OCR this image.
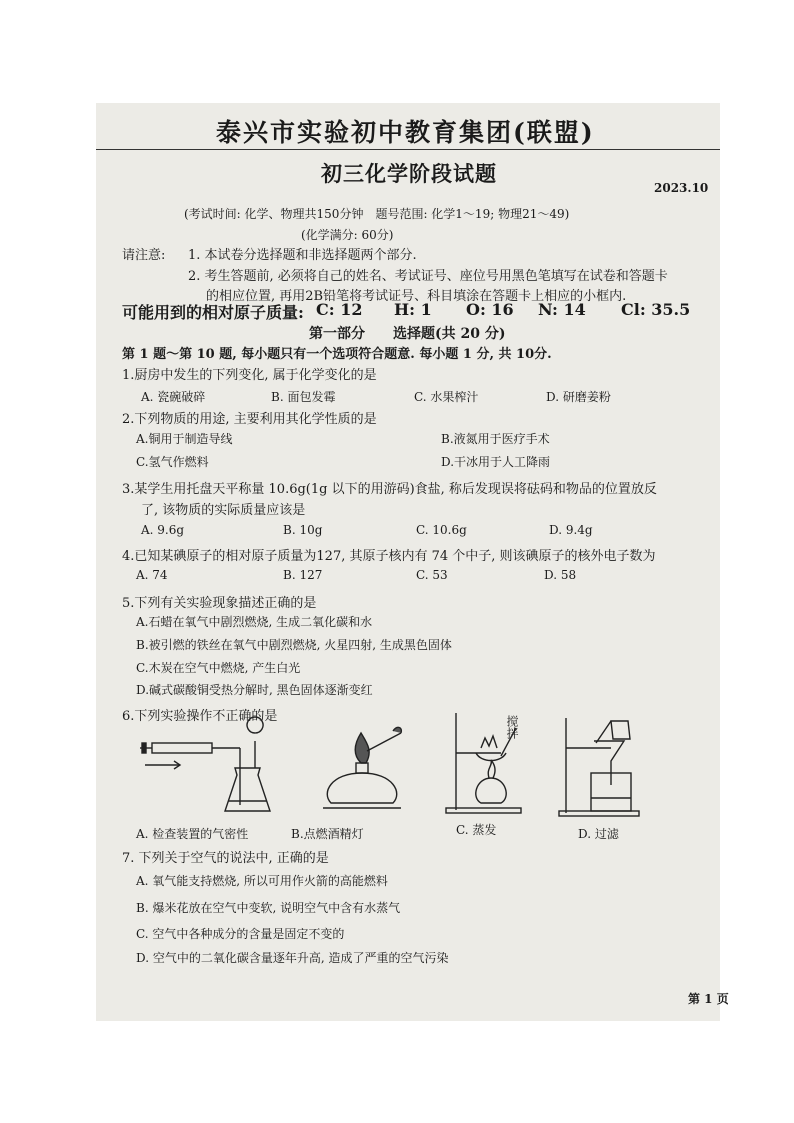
泰兴市实验初中教育集团(联盟)
初三化学阶段试题
2023.10
(考试时间: 化学、物理共150分钟　题号范围: 化学1～19; 物理21～49)
(化学满分: 60分)
请注意: 1. 本试卷分选择题和非选择题两个部分.
2. 考生答题前, 必须将自己的姓名、考试证号、座位号用黑色笔填写在试卷和答题卡
的相应位置, 再用2B铅笔将考试证号、科目填涂在答题卡上相应的小框内.
可能用到的相对原子质量: C: 12 H: 1 O: 16 N: 14 Cl: 35.5
第一部分　　选择题(共 20 分)
第 1 题～第 10 题, 每小题只有一个选项符合题意. 每小题 1 分, 共 10分.
1.厨房中发生的下列变化, 属于化学变化的是
A. 瓷碗破碎	B. 面包发霉	C. 水果榨汁	D. 研磨姜粉
2.下列物质的用途, 主要利用其化学性质的是
A.铜用于制造导线	B.液氮用于医疗手术
C.氢气作燃料	D.干冰用于人工降雨
3.某学生用托盘天平称量 10.6g(1g 以下的用游码)食盐, 称后发现误将砝码和物品的位置放反
了, 该物质的实际质量应该是
A. 9.6g	B. 10g	C. 10.6g	D. 9.4g
4.已知某碘原子的相对原子质量为127, 其原子核内有 74 个中子, 则该碘原子的核外电子数为
A. 74	B. 127	C. 53	D. 58
5.下列有关实验现象描述正确的是
A.石蜡在氧气中剧烈燃烧, 生成二氧化碳和水
B.被引燃的铁丝在氧气中剧烈燃烧, 火星四射, 生成黑色固体
C.木炭在空气中燃烧, 产生白光
D.碱式碳酸铜受热分解时, 黑色固体逐渐变红
6.下列实验操作不正确的是	搅拌
A. 检查装置的气密性	B.点燃酒精灯	C. 蒸发	D. 过滤
7. 下列关于空气的说法中, 正确的是
A. 氧气能支持燃烧, 所以可用作火箭的高能燃料
B. 爆米花放在空气中变软, 说明空气中含有水蒸气
C. 空气中各种成分的含量是固定不变的
D. 空气中的二氧化碳含量逐年升高, 造成了严重的空气污染
第 1 页
